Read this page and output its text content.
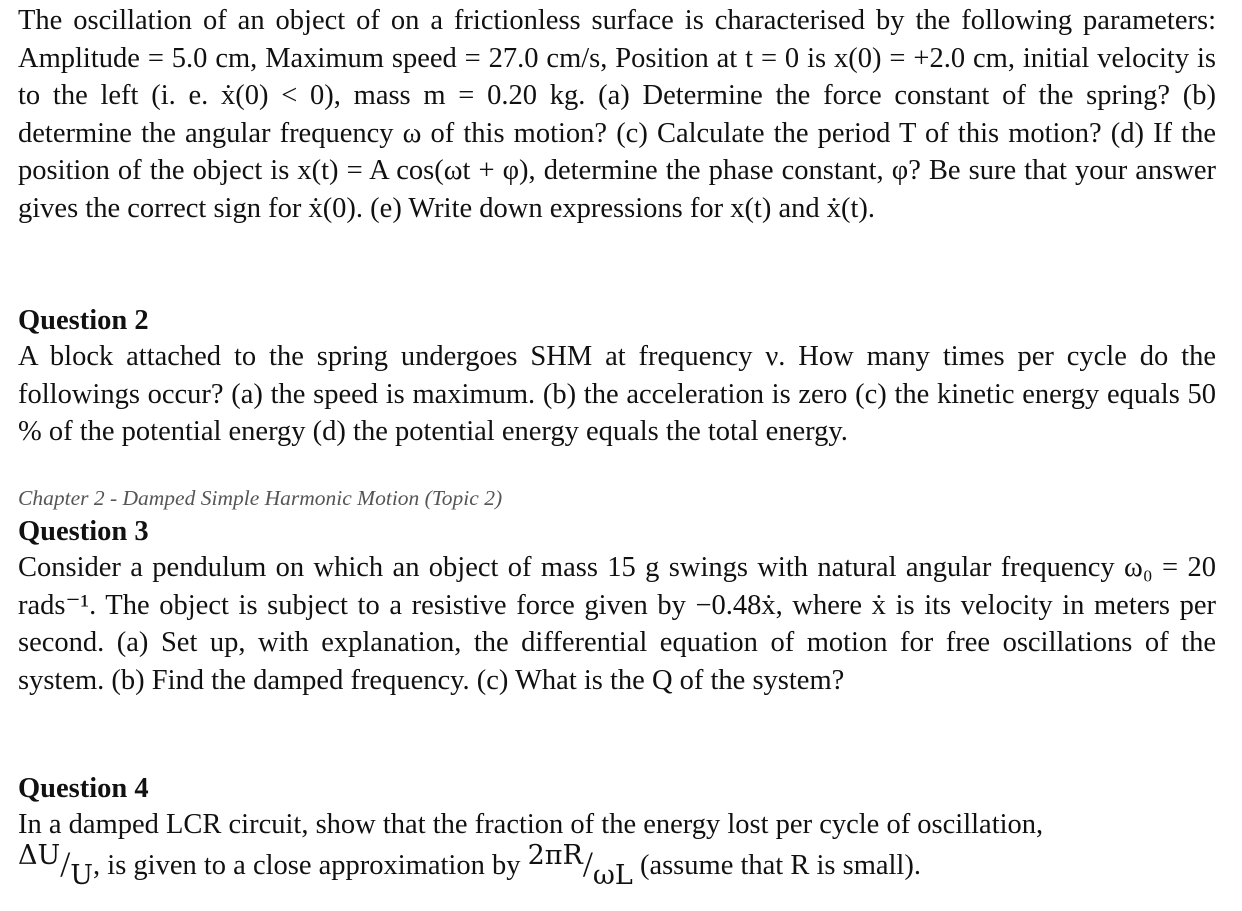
The oscillation of an object of on a frictionless surface is characterised by the following parameters: Amplitude = 5.0 cm, Maximum speed = 27.0 cm/s, Position at t = 0 is x(0) = +2.0 cm, initial velocity is to the left (i. e. ẋ(0) < 0), mass m = 0.20 kg. (a) Determine the force constant of the spring? (b) determine the angular frequency ω of this motion? (c) Calculate the period T of this motion? (d) If the position of the object is x(t) = A cos(ωt + φ), determine the phase constant, φ? Be sure that your answer gives the correct sign for ẋ(0). (e) Write down expressions for x(t) and ẋ(t).

Question 2

A block attached to the spring undergoes SHM at frequency ν. How many times per cycle do the followings occur? (a) the speed is maximum. (b) the acceleration is zero (c) the kinetic energy equals 50 % of the potential energy (d) the potential energy equals the total energy.

Chapter 2 - Damped Simple Harmonic Motion (Topic 2)
Question 3

Consider a pendulum on which an object of mass 15 g swings with natural angular frequency ω₀ = 20 rads⁻¹. The object is subject to a resistive force given by −0.48ẋ, where ẋ is its velocity in meters per second. (a) Set up, with explanation, the differential equation of motion for free oscillations of the system. (b) Find the damped frequency. (c) What is the Q of the system?

Question 4

In a damped LCR circuit, show that the fraction of the energy lost per cycle of oscillation,

ΔU/U, is given to a close approximation by 2πR/ωL (assume that R is small).
